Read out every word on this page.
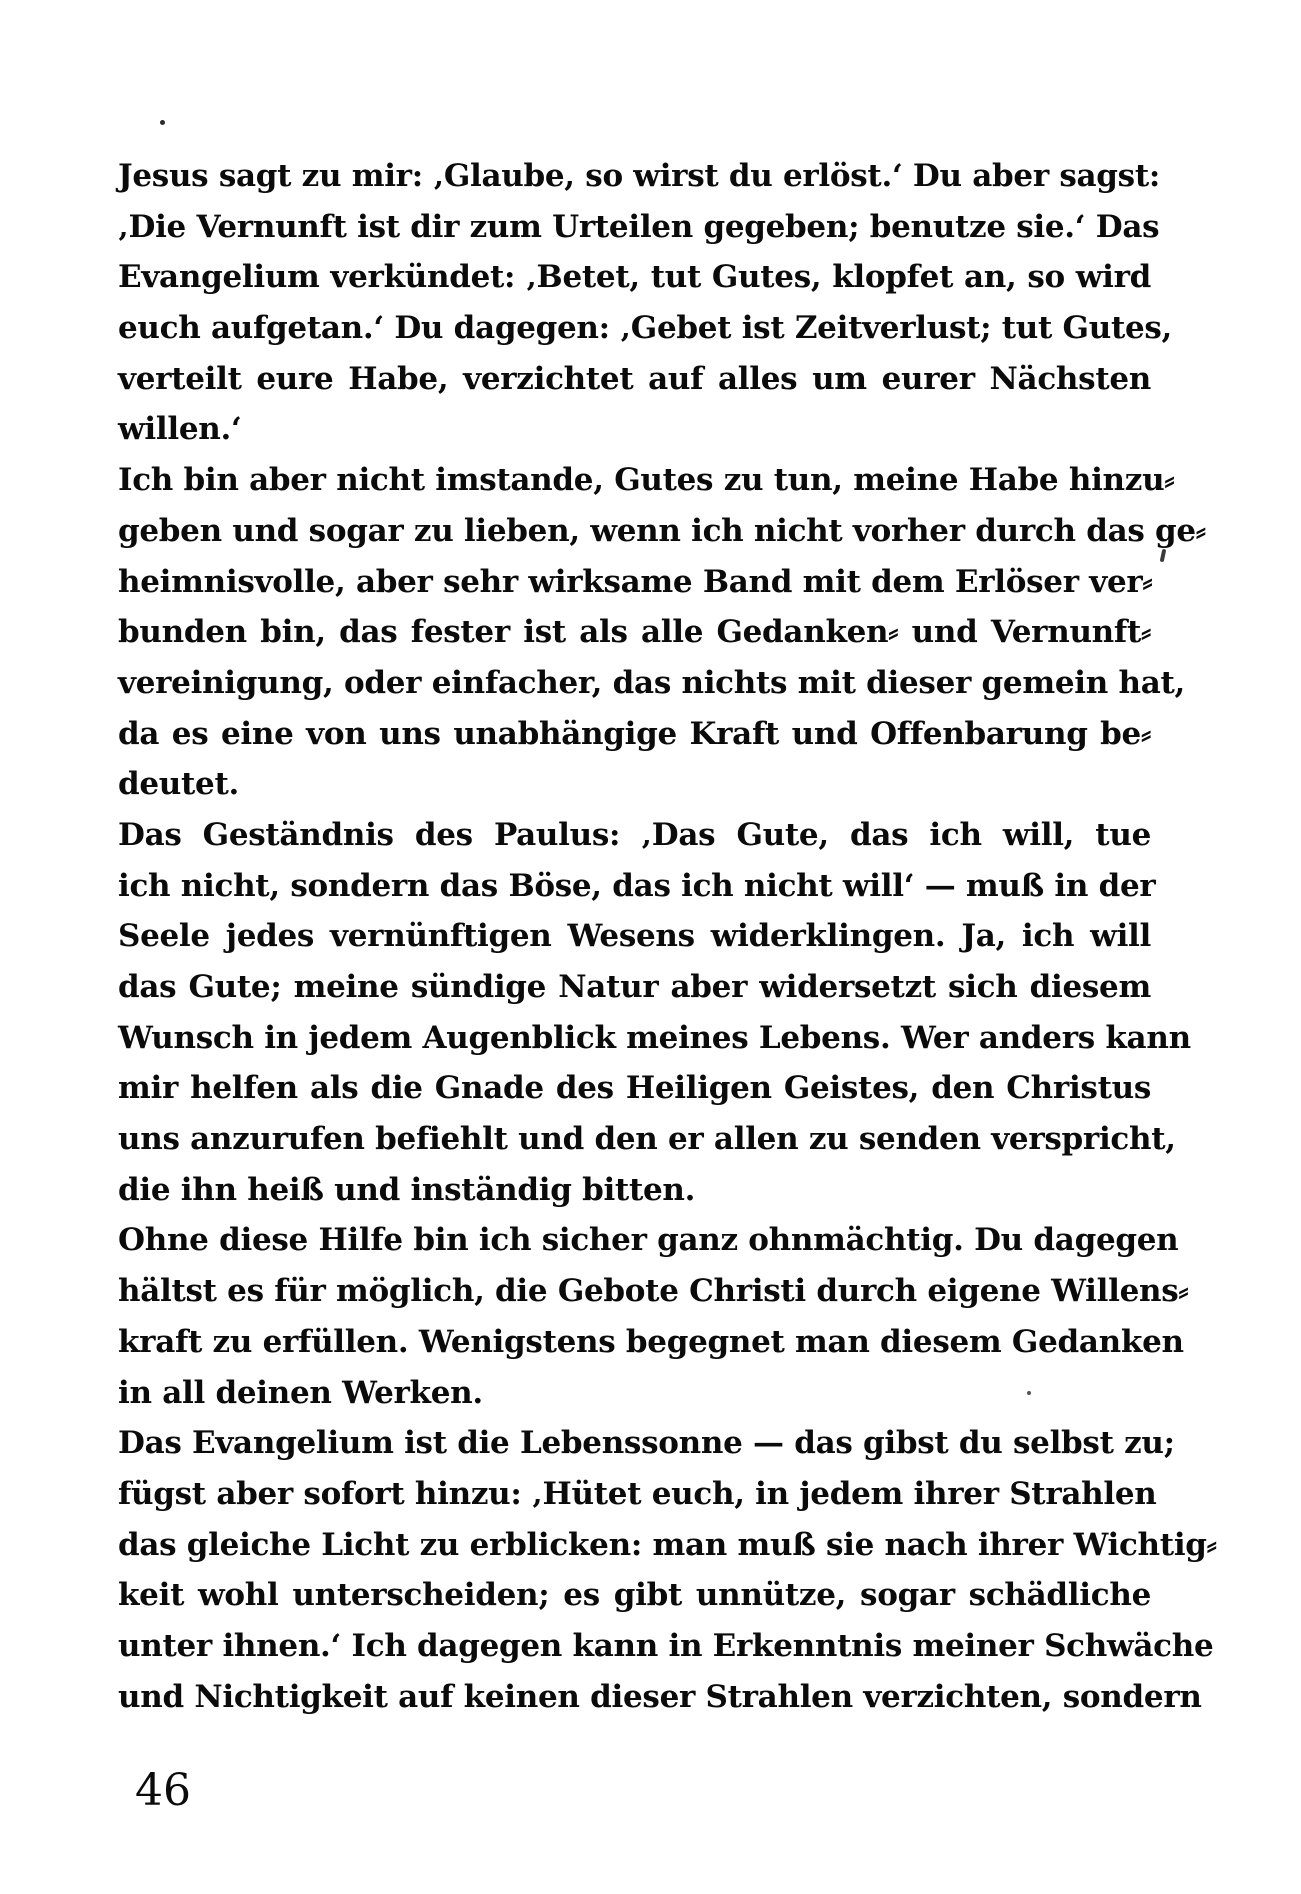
Jesus sagt zu mir: ‚Glaube, so wirst du erlöst.‘ Du aber sagst:
‚Die Vernunft ist dir zum Urteilen gegeben; benutze sie.‘ Das
Evangelium verkündet: ‚Betet, tut Gutes, klopfet an, so wird
euch aufgetan.‘ Du dagegen: ‚Gebet ist Zeitverlust; tut Gutes,
verteilt eure Habe, verzichtet auf alles um eurer Nächsten
willen.‘
Ich bin aber nicht imstande, Gutes zu tun, meine Habe hinzu⸗
geben und sogar zu lieben, wenn ich nicht vorher durch das ge⸗
heimnisvolle, aber sehr wirksame Band mit dem Erlöser ver⸗
bunden bin, das fester ist als alle Gedanken⸗ und Vernunft⸗
vereinigung, oder einfacher, das nichts mit dieser gemein hat,
da es eine von uns unabhängige Kraft und Offenbarung be⸗
deutet.
Das Geständnis des Paulus: ‚Das Gute, das ich will, tue
ich nicht, sondern das Böse, das ich nicht will‘ — muß in der
Seele jedes vernünftigen Wesens widerklingen. Ja, ich will
das Gute; meine sündige Natur aber widersetzt sich diesem
Wunsch in jedem Augenblick meines Lebens. Wer anders kann
mir helfen als die Gnade des Heiligen Geistes, den Christus
uns anzurufen befiehlt und den er allen zu senden verspricht,
die ihn heiß und inständig bitten.
Ohne diese Hilfe bin ich sicher ganz ohnmächtig. Du dagegen
hältst es für möglich, die Gebote Christi durch eigene Willens⸗
kraft zu erfüllen. Wenigstens begegnet man diesem Gedanken
in all deinen Werken.
Das Evangelium ist die Lebenssonne — das gibst du selbst zu;
fügst aber sofort hinzu: ‚Hütet euch, in jedem ihrer Strahlen
das gleiche Licht zu erblicken: man muß sie nach ihrer Wichtig⸗
keit wohl unterscheiden; es gibt unnütze, sogar schädliche
unter ihnen.‘ Ich dagegen kann in Erkenntnis meiner Schwäche
und Nichtigkeit auf keinen dieser Strahlen verzichten, sondern
46
